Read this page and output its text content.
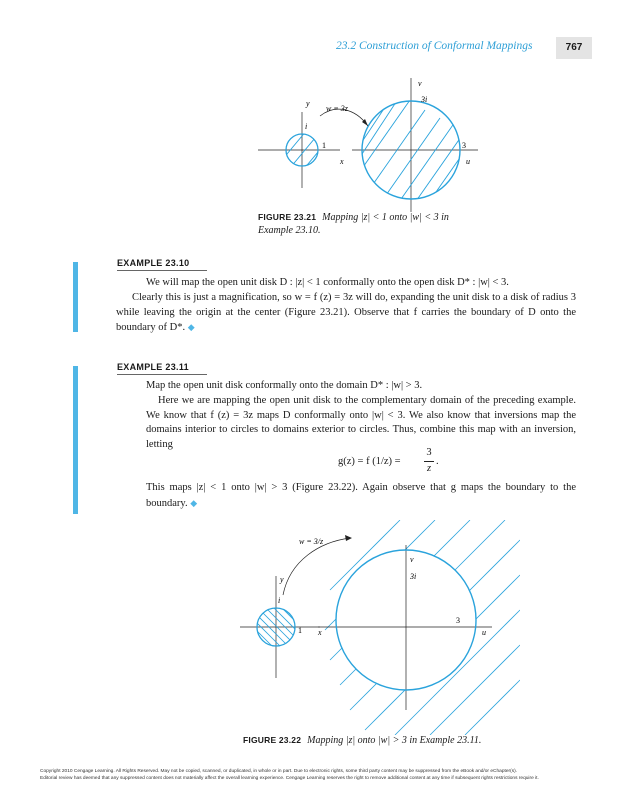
23.2 Construction of Conformal Mappings	767
y
x
i
1
w = 3z
v
u
3i
3
FIGURE 23.21 Mapping |z| < 1 onto |w| < 3 in
Example 23.10.
EXAMPLE 23.10
We will map the open unit disk D : |z| < 1 conformally onto the open disk D* : |w| < 3.
Clearly this is just a magnification, so w = f (z) = 3z will do, expanding the unit disk to a disk of radius 3 while leaving the origin at the center (Figure 23.21). Observe that f carries the boundary of D onto the boundary of D*. ◆
EXAMPLE 23.11
Map the open unit disk conformally onto the domain D* : |w| > 3.
Here we are mapping the open unit disk to the complementary domain of the preceding example. We know that f (z) = 3z maps D conformally onto |w| < 3. We also know that inversions map the domains interior to circles to domains exterior to circles. Thus, combine this map with an inversion, letting
g(z) = f (1/z) =
3
z
.
This maps |z| < 1 onto |w| > 3 (Figure 23.22). Again observe that g maps the boundary to the boundary. ◆
y
x
i
1
w = 3/z
v
u
3i
3
FIGURE 23.22 Mapping |z| onto |w| > 3 in Example 23.11.
Copyright 2010 Cengage Learning. All Rights Reserved. May not be copied, scanned, or duplicated, in whole or in part. Due to electronic rights, some third party content may be suppressed from the eBook and/or eChapter(s).
Editorial review has deemed that any suppressed content does not materially affect the overall learning experience. Cengage Learning reserves the right to remove additional content at any time if subsequent rights restrictions require it.
